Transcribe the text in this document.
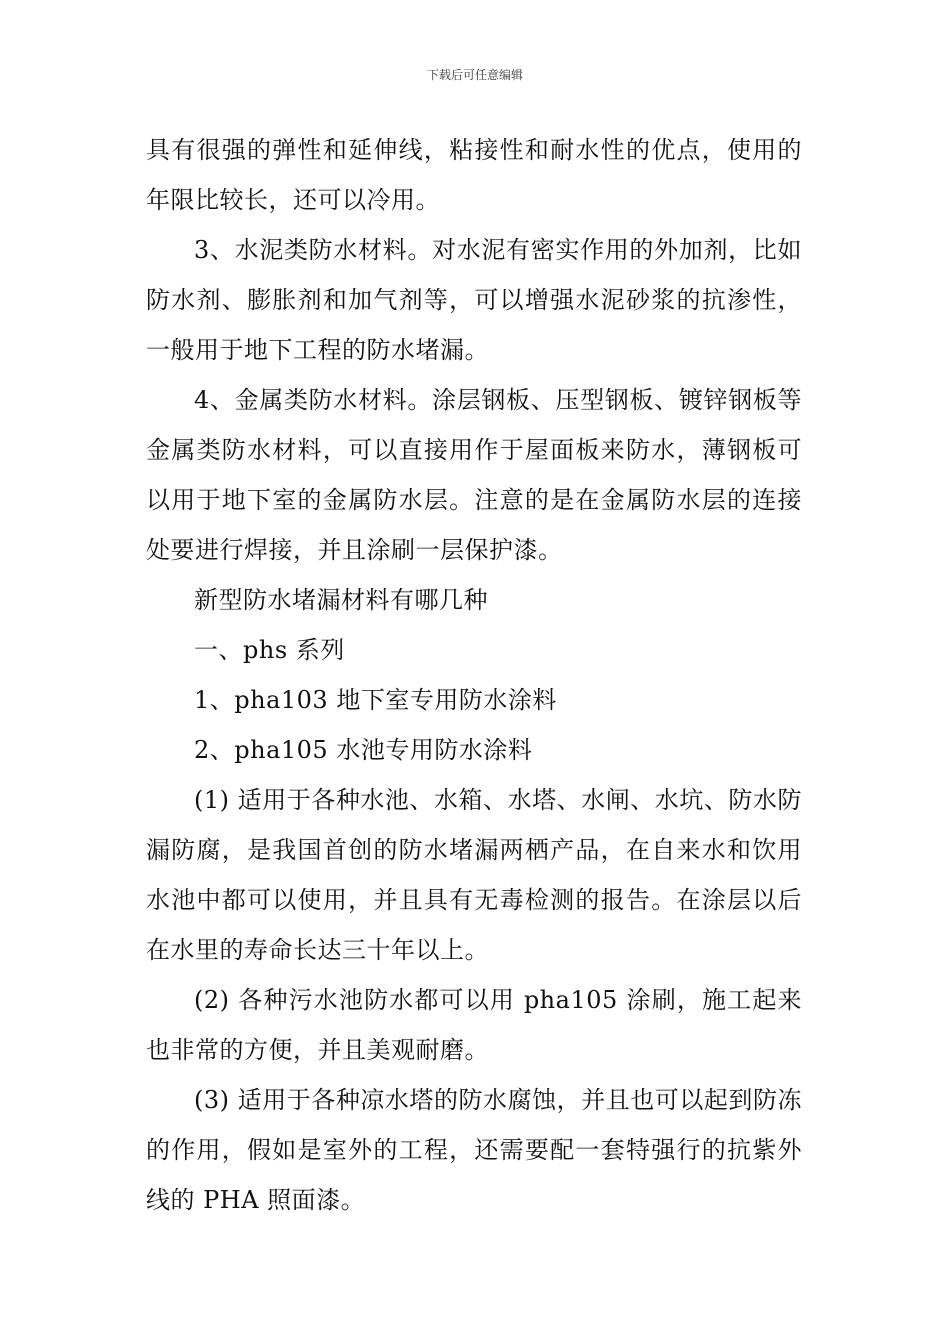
下载后可任意编辑

具有很强的弹性和延伸线，粘接性和耐水性的优点，使用的年限比较长，还可以冷用。

3、水泥类防水材料。对水泥有密实作用的外加剂，比如防水剂、膨胀剂和加气剂等，可以增强水泥砂浆的抗渗性，一般用于地下工程的防水堵漏。

4、金属类防水材料。涂层钢板、压型钢板、镀锌钢板等金属类防水材料，可以直接用作于屋面板来防水，薄钢板可以用于地下室的金属防水层。注意的是在金属防水层的连接处要进行焊接，并且涂刷一层保护漆。

新型防水堵漏材料有哪几种

一、phs 系列

1、pha103 地下室专用防水涂料

2、pha105 水池专用防水涂料

(1) 适用于各种水池、水箱、水塔、水闸、水坑、防水防漏防腐，是我国首创的防水堵漏两栖产品，在自来水和饮用水池中都可以使用，并且具有无毒检测的报告。在涂层以后在水里的寿命长达三十年以上。

(2) 各种污水池防水都可以用 pha105 涂刷，施工起来也非常的方便，并且美观耐磨。

(3) 适用于各种凉水塔的防水腐蚀，并且也可以起到防冻的作用，假如是室外的工程，还需要配一套特强行的抗紫外线的 PHA 照面漆。
